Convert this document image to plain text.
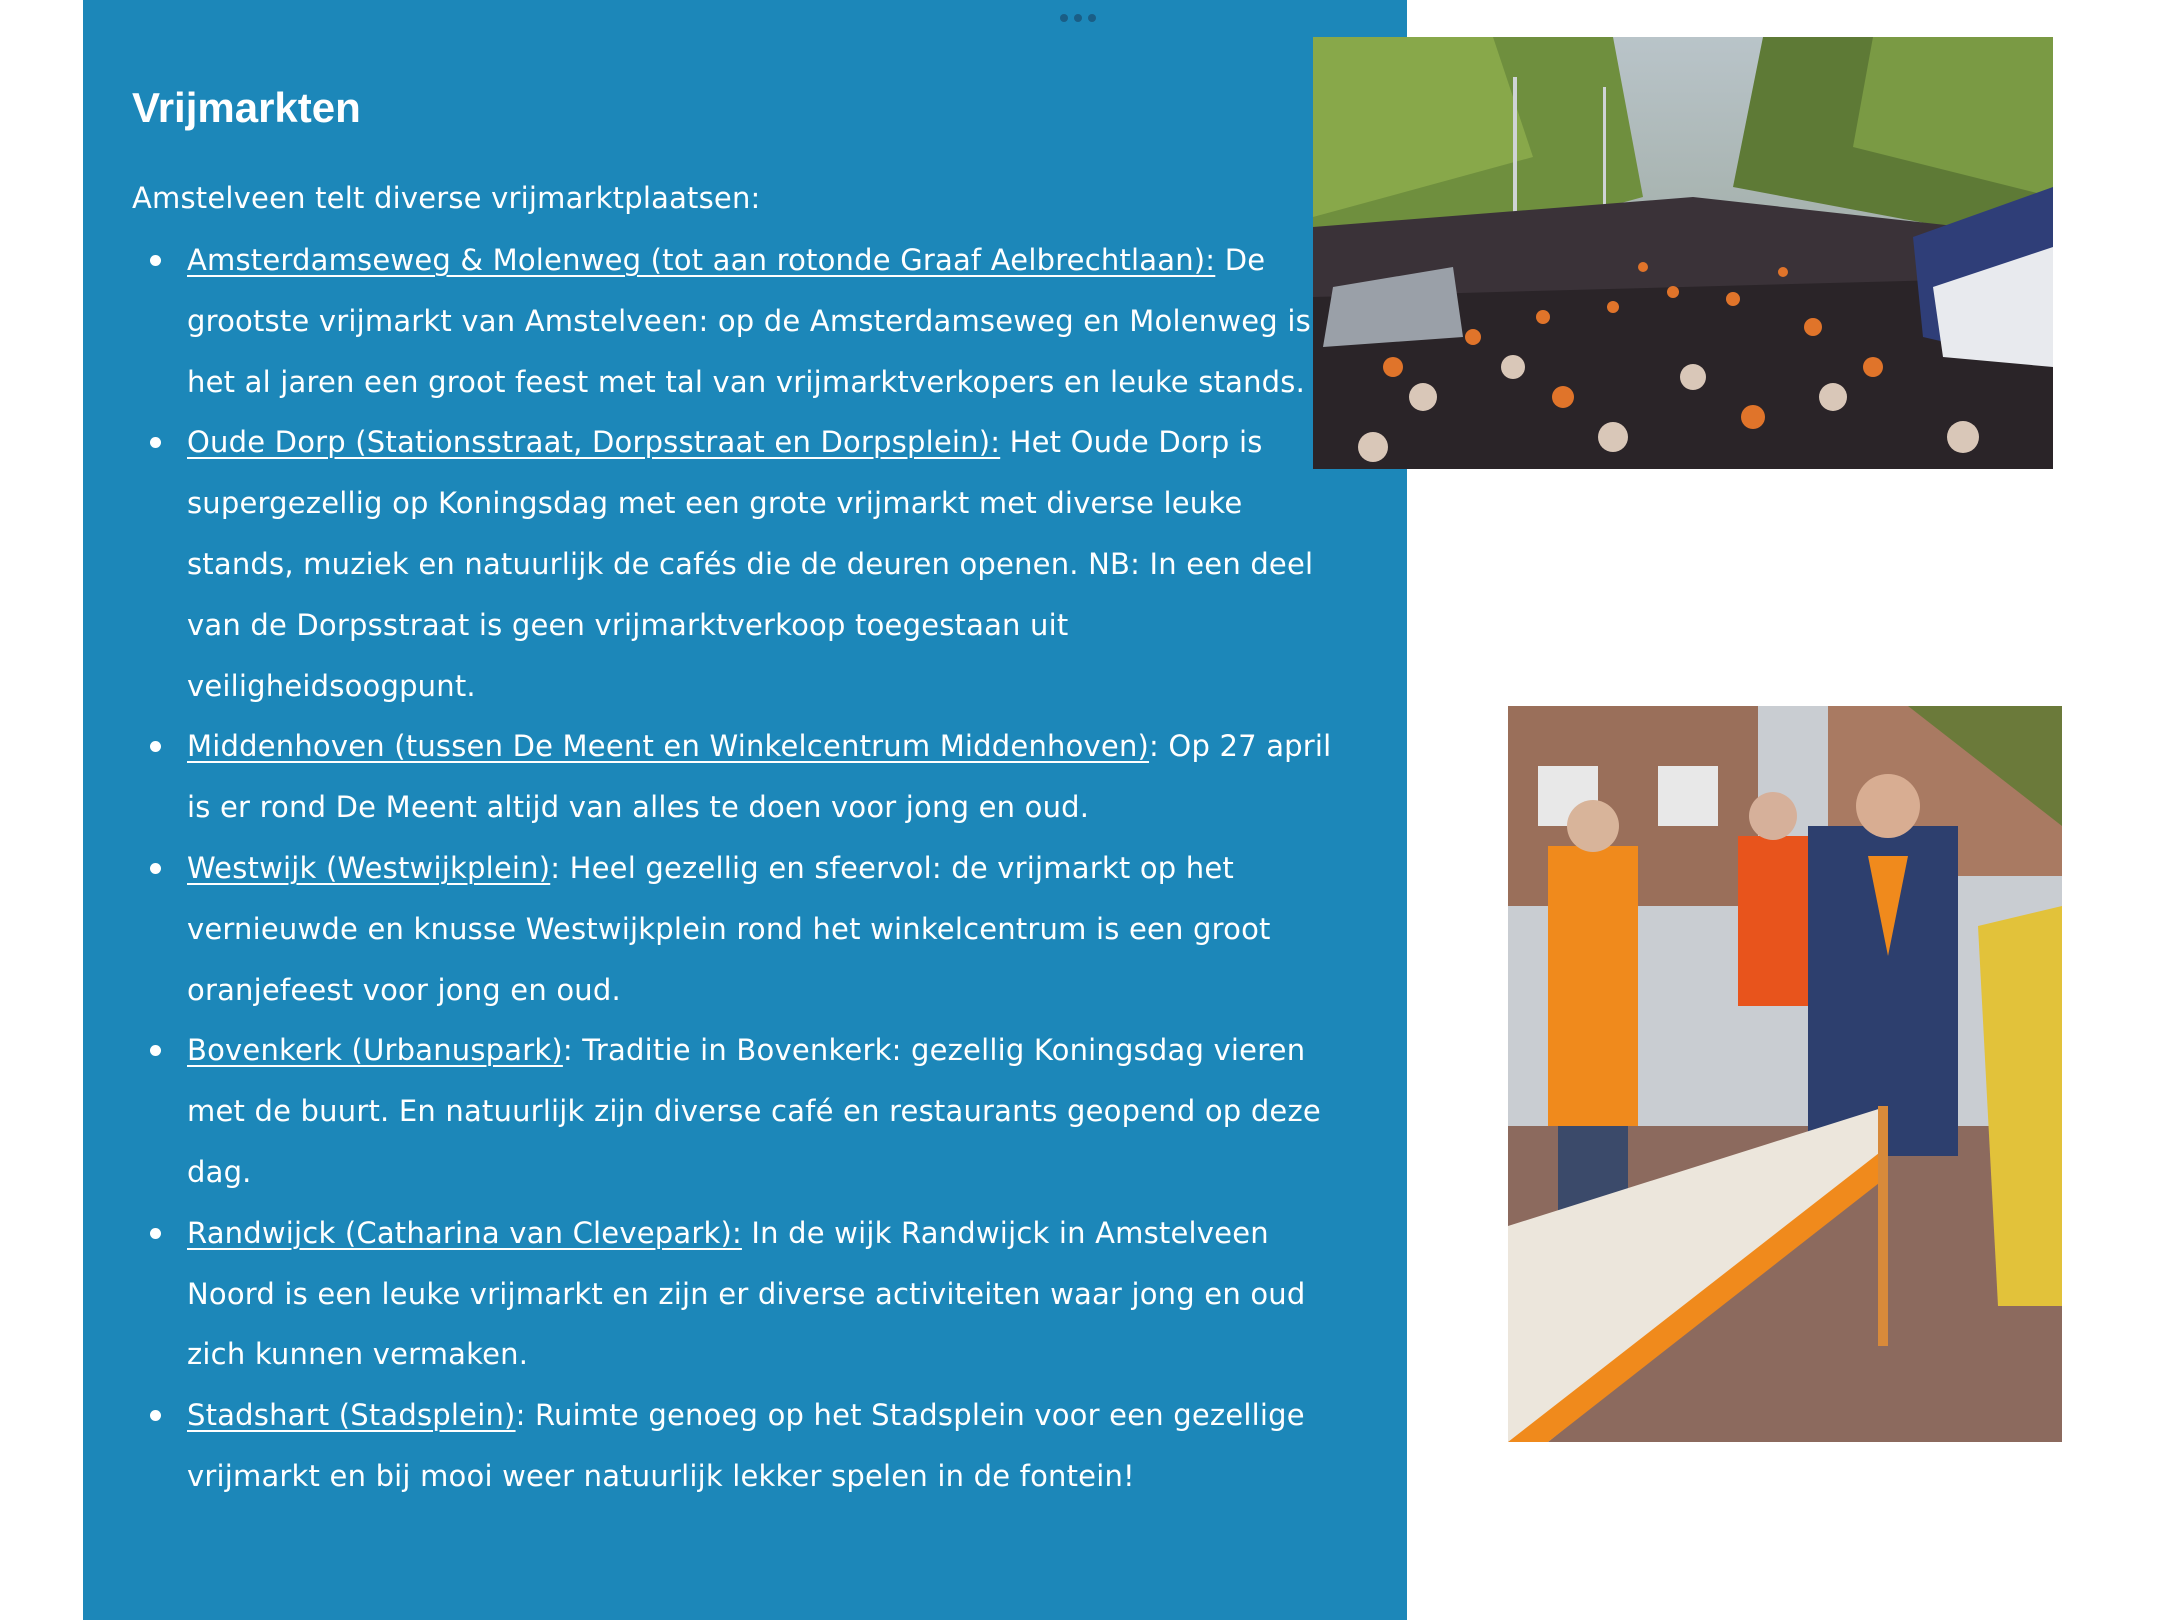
Vrijmarkten

Amstelveen telt diverse vrijmarktplaatsen:

Amsterdamseweg & Molenweg (tot aan rotonde Graaf Aelbrechtlaan): De grootste vrijmarkt van Amstelveen: op de Amsterdamseweg en Molenweg is het al jaren een groot feest met tal van vrijmarktverkopers en leuke stands.
Oude Dorp (Stationsstraat, Dorpsstraat en Dorpsplein): Het Oude Dorp is supergezellig op Koningsdag met een grote vrijmarkt met diverse leuke stands, muziek en natuurlijk de cafés die de deuren openen. NB: In een deel van de Dorpsstraat is geen vrijmarktverkoop toegestaan uit veiligheidsoogpunt.
Middenhoven (tussen De Meent en Winkelcentrum Middenhoven): Op 27 april is er rond De Meent altijd van alles te doen voor jong en oud.
Westwijk (Westwijkplein): Heel gezellig en sfeervol: de vrijmarkt op het vernieuwde en knusse Westwijkplein rond het winkelcentrum is een groot oranjefeest voor jong en oud.
Bovenkerk (Urbanuspark): Traditie in Bovenkerk: gezellig Koningsdag vieren met de buurt. En natuurlijk zijn diverse café en restaurants geopend op deze dag.
Randwijck (Catharina van Clevepark): In de wijk Randwijck in Amstelveen Noord is een leuke vrijmarkt en zijn er diverse activiteiten waar jong en oud zich kunnen vermaken.
Stadshart (Stadsplein): Ruimte genoeg op het Stadsplein voor een gezellige vrijmarkt en bij mooi weer natuurlijk lekker spelen in de fontein!
